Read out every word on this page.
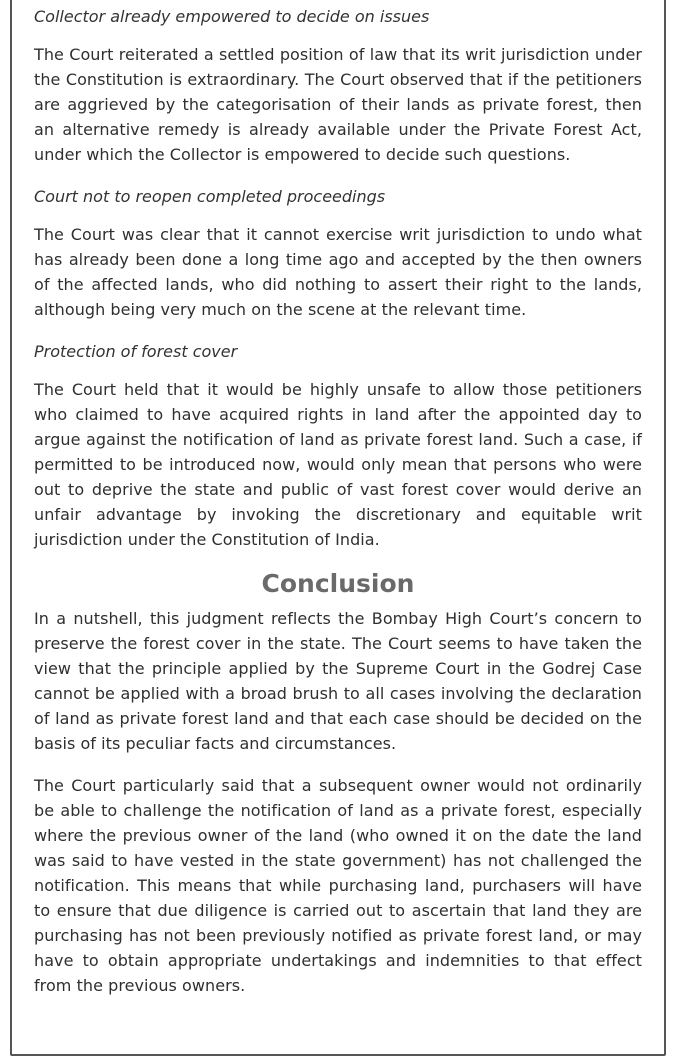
Collector already empowered to decide on issues

The Court reiterated a settled position of law that its writ jurisdiction under the Constitution is extraordinary. The Court observed that if the petitioners are aggrieved by the categorisation of their lands as private forest, then an alternative remedy is already available under the Private Forest Act, under which the Collector is empowered to decide such questions.

Court not to reopen completed proceedings

The Court was clear that it cannot exercise writ jurisdiction to undo what has already been done a long time ago and accepted by the then owners of the affected lands, who did nothing to assert their right to the lands, although being very much on the scene at the relevant time.

Protection of forest cover

The Court held that it would be highly unsafe to allow those petitioners who claimed to have acquired rights in land after the appointed day to argue against the notification of land as private forest land. Such a case, if permitted to be introduced now, would only mean that persons who were out to deprive the state and public of vast forest cover would derive an unfair advantage by invoking the discretionary and equitable writ jurisdiction under the Constitution of India.

Conclusion

In a nutshell, this judgment reflects the Bombay High Court’s concern to preserve the forest cover in the state. The Court seems to have taken the view that the principle applied by the Supreme Court in the Godrej Case cannot be applied with a broad brush to all cases involving the declaration of land as private forest land and that each case should be decided on the basis of its peculiar facts and circumstances.

The Court particularly said that a subsequent owner would not ordinarily be able to challenge the notification of land as a private forest, especially where the previous owner of the land (who owned it on the date the land was said to have vested in the state government) has not challenged the notification. This means that while purchasing land, purchasers will have to ensure that due diligence is carried out to ascertain that land they are purchasing has not been previously notified as private forest land, or may have to obtain appropriate undertakings and indemnities to that effect from the previous owners.
